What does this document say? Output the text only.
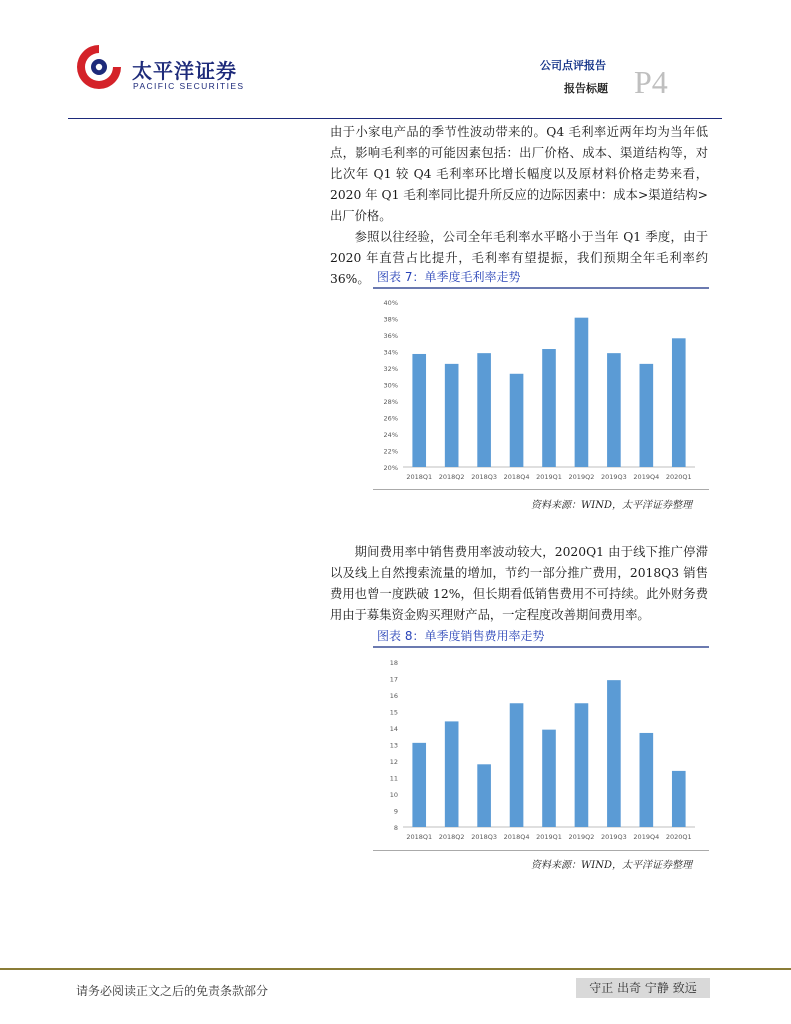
太平洋证券
PACIFIC SECURITIES
公司点评报告
报告标题 P4
由于小家电产品的季节性波动带来的。Q4 毛利率近两年均为当年低点，影响毛利率的可能因素包括：出厂价格、成本、渠道结构等，对比次年 Q1 较 Q4 毛利率环比增长幅度以及原材料价格走势来看，2020 年 Q1 毛利率同比提升所反应的边际因素中：成本>渠道结构>出厂价格。
参照以往经验，公司全年毛利率水平略小于当年 Q1 季度，由于 2020 年直营占比提升，毛利率有望提振，我们预期全年毛利率约 36%。 图表 7：单季度毛利率走势
20%
22%
24%
26%
28%
30%
32%
34%
36%
38%
40%
2018Q1 2018Q2 2018Q3 2018Q4 2019Q1 2019Q2 2019Q3 2019Q4 2020Q1
资料来源：WIND，太平洋证券整理
期间费用率中销售费用率波动较大，2020Q1 由于线下推广停滞以及线上自然搜索流量的增加，节约一部分推广费用，2018Q3 销售费用也曾一度跌破 12%，但长期看低销售费用不可持续。此外财务费用由于募集资金购买理财产品，一定程度改善期间费用率。
图表 8：单季度销售费用率走势
8
9
10
11
12
13
14
15
16
17
18
2018Q1 2018Q2 2018Q3 2018Q4 2019Q1 2019Q2 2019Q3 2019Q4 2020Q1
资料来源：WIND，太平洋证券整理
请务必阅读正文之后的免责条款部分	守正 出奇 宁静 致远
